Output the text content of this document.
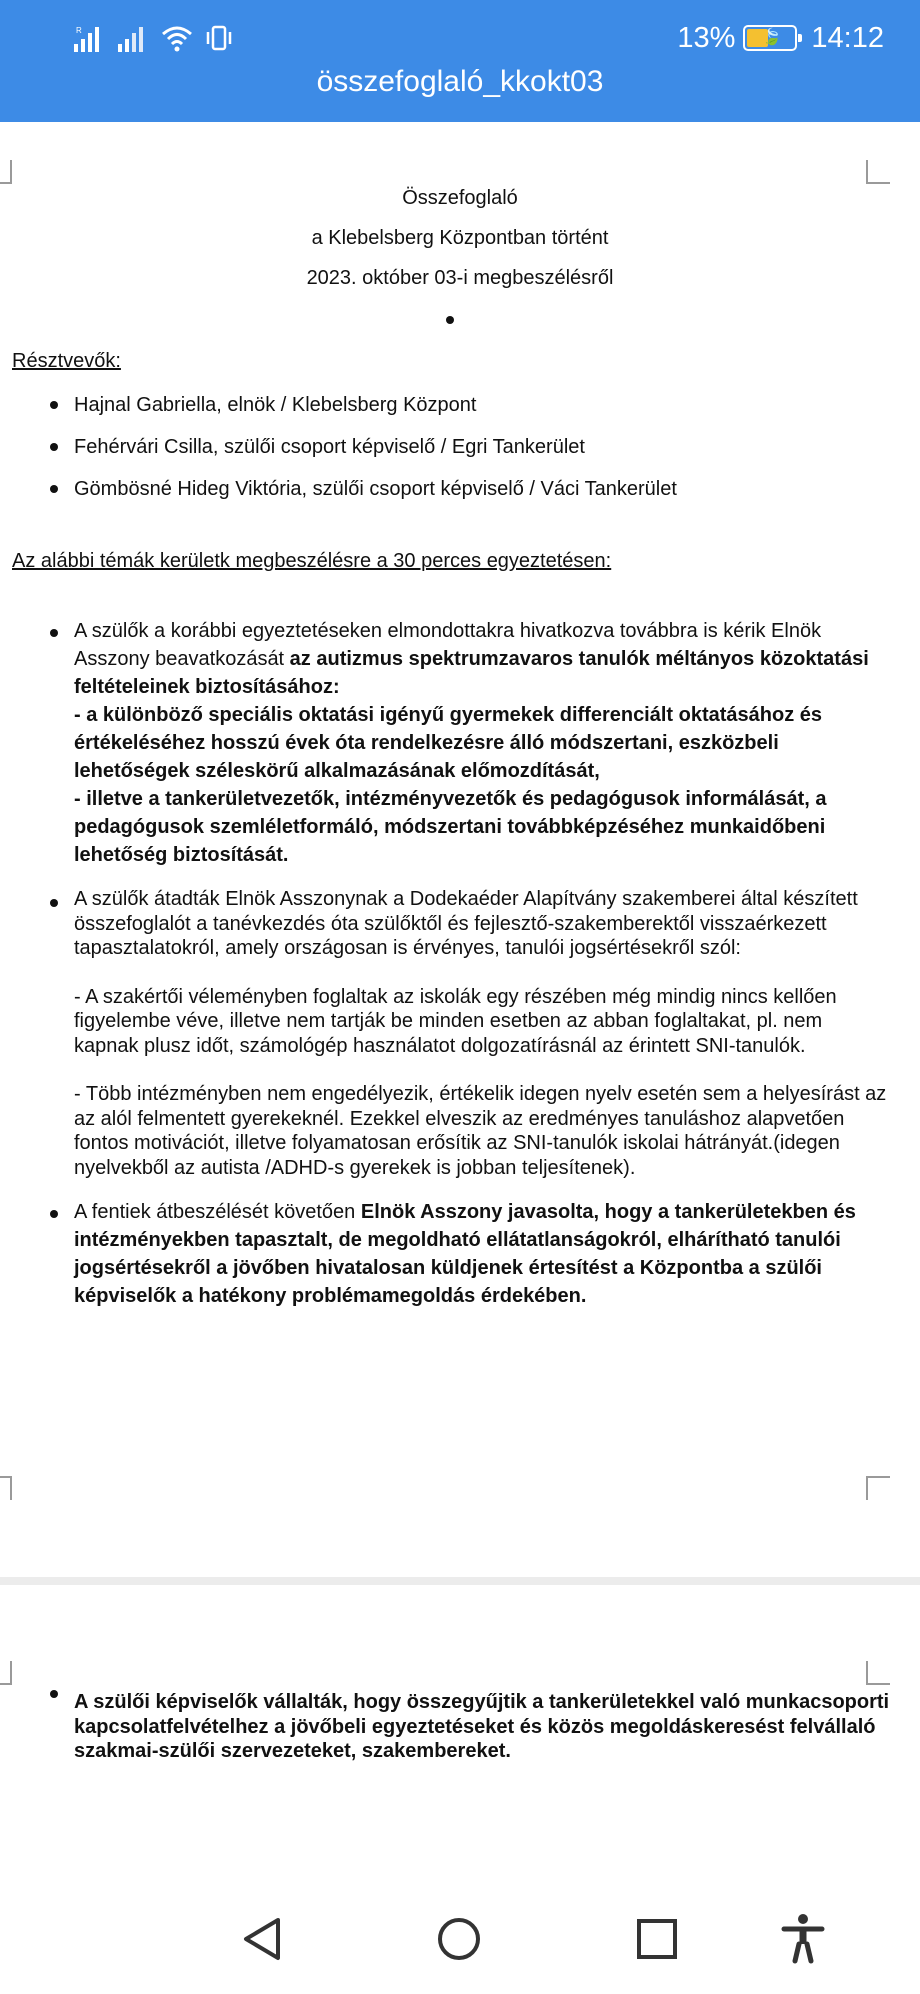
R	13% 🍃 14:12
összefoglaló_kkokt03
Összefoglaló
a Klebelsberg Központban történt
2023. október 03-i megbeszélésről
Résztvevők:
Hajnal Gabriella, elnök / Klebelsberg Központ
Fehérvári Csilla, szülői csoport képviselő / Egri Tankerület
Gömbösné Hideg Viktória, szülői csoport képviselő / Váci Tankerület
Az alábbi témák kerületk megbeszélésre a 30 perces egyeztetésen:
A szülők a korábbi egyeztetéseken elmondottakra hivatkozva továbbra is kérik Elnök Asszony beavatkozását az autizmus spektrumzavaros tanulók méltányos közoktatási feltételeinek biztosításához:
- a különböző speciális oktatási igényű gyermekek differenciált oktatásához és értékeléséhez hosszú évek óta rendelkezésre álló módszertani, eszközbeli lehetőségek széleskörű alkalmazásának előmozdítását,
- illetve a tankerületvezetők, intézményvezetők és pedagógusok informálását, a pedagógusok szemléletformáló, módszertani továbbképzéséhez munkaidőbeni lehetőség biztosítását.
A szülők átadták Elnök Asszonynak a Dodekaéder Alapítvány szakemberei által készített összefoglalót a tanévkezdés óta szülőktől és fejlesztő-szakemberektől visszaérkezett tapasztalatokról, amely országosan is érvényes, tanulói jogsértésekről szól:
- A szakértői véleményben foglaltak az iskolák egy részében még mindig nincs kellően figyelembe véve, illetve nem tartják be minden esetben az abban foglaltakat, pl. nem kapnak plusz időt, számológép használatot dolgozatírásnál az érintett SNI-tanulók.
- Több intézményben nem engedélyezik, értékelik idegen nyelv esetén sem a helyesírást az az alól felmentett gyerekeknél. Ezekkel elveszik az eredményes tanuláshoz alapvetően fontos motivációt, illetve folyamatosan erősítik az SNI-tanulók iskolai hátrányát.(idegen nyelvekből az autista /ADHD-s gyerekek is jobban teljesítenek).
A fentiek átbeszélését követően Elnök Asszony javasolta, hogy a tankerületekben és intézményekben tapasztalt, de megoldható ellátatlanságokról, elhárítható tanulói jogsértésekről a jövőben hivatalosan küldjenek értesítést a Központba a szülői képviselők a hatékony problémamegoldás érdekében.
A szülői képviselők vállalták, hogy összegyűjtik a tankerületekkel való munkacsoporti kapcsolatfelvételhez a jövőbeli egyeztetéseket és közös megoldáskeresést felvállaló szakmai-szülői szervezeteket, szakembereket.
